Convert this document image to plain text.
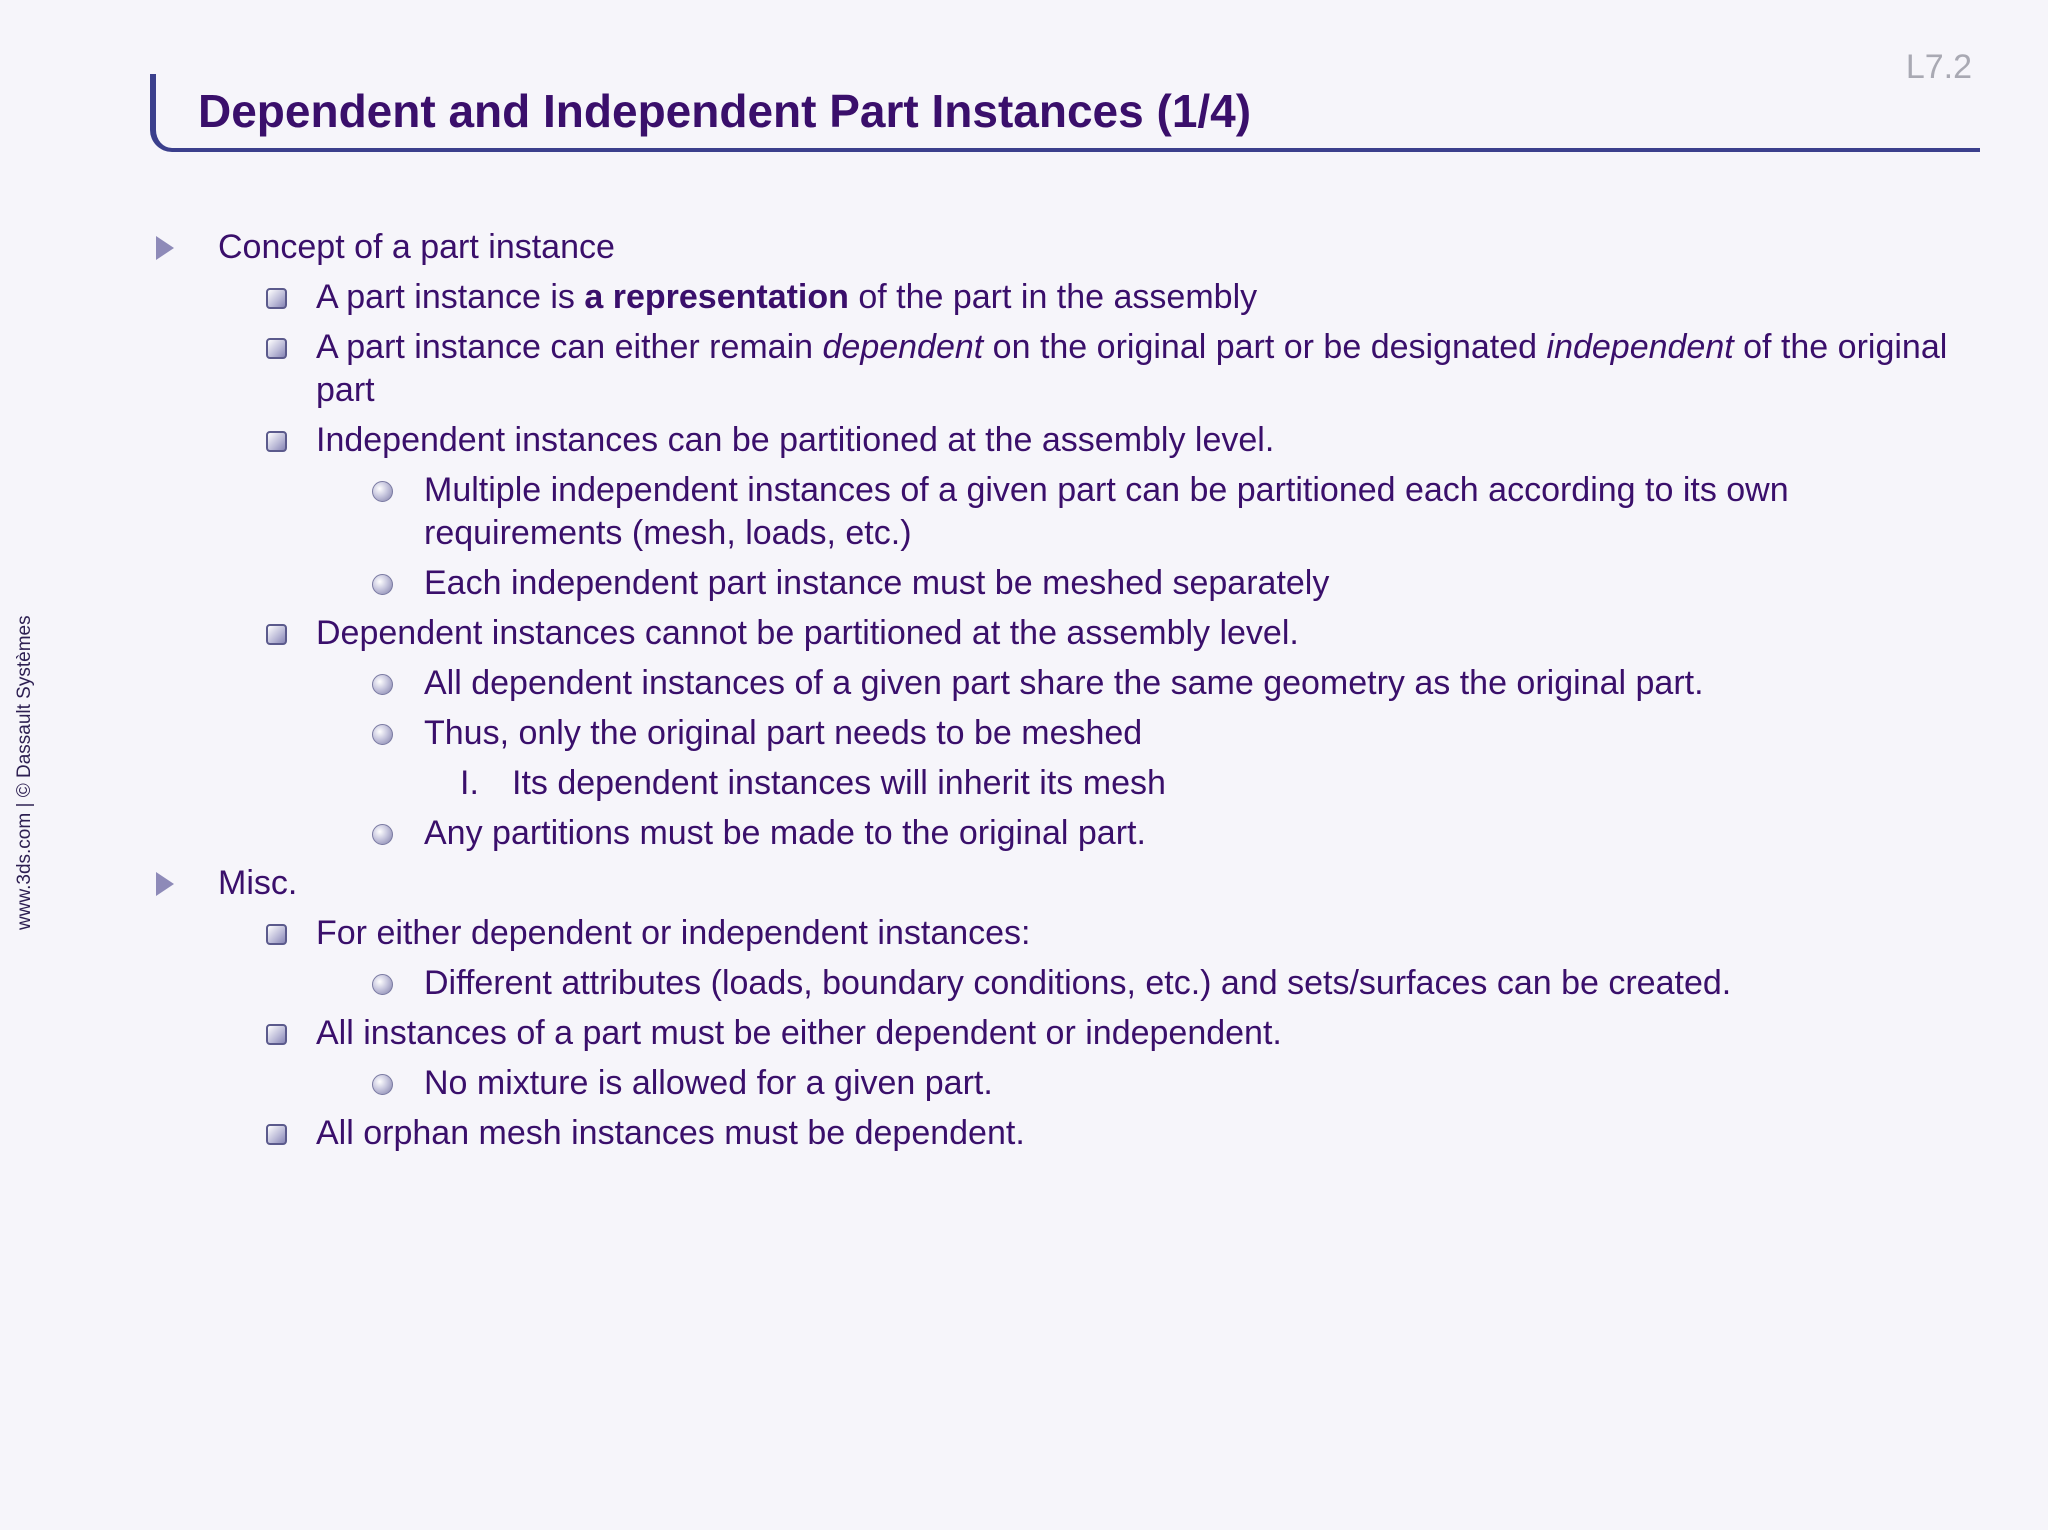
L7.2
Dependent and Independent Part Instances (1/4)
www.3ds.com | © Dassault Systèmes
Concept of a part instance
A part instance is a representation of the part in the assembly
A part instance can either remain dependent on the original part or be designated independent of the original part
Independent instances can be partitioned at the assembly level.
Multiple independent instances of a given part can be partitioned each according to its own requirements (mesh, loads, etc.)
Each independent part instance must be meshed separately
Dependent instances cannot be partitioned at the assembly level.
All dependent instances of a given part share the same geometry as the original part.
Thus, only the original part needs to be meshed
I. Its dependent instances will inherit its mesh
Any partitions must be made to the original part.
Misc.
For either dependent or independent instances:
Different attributes (loads, boundary conditions, etc.) and sets/surfaces can be created.
All instances of a part must be either dependent or independent.
No mixture is allowed for a given part.
All orphan mesh instances must be dependent.
